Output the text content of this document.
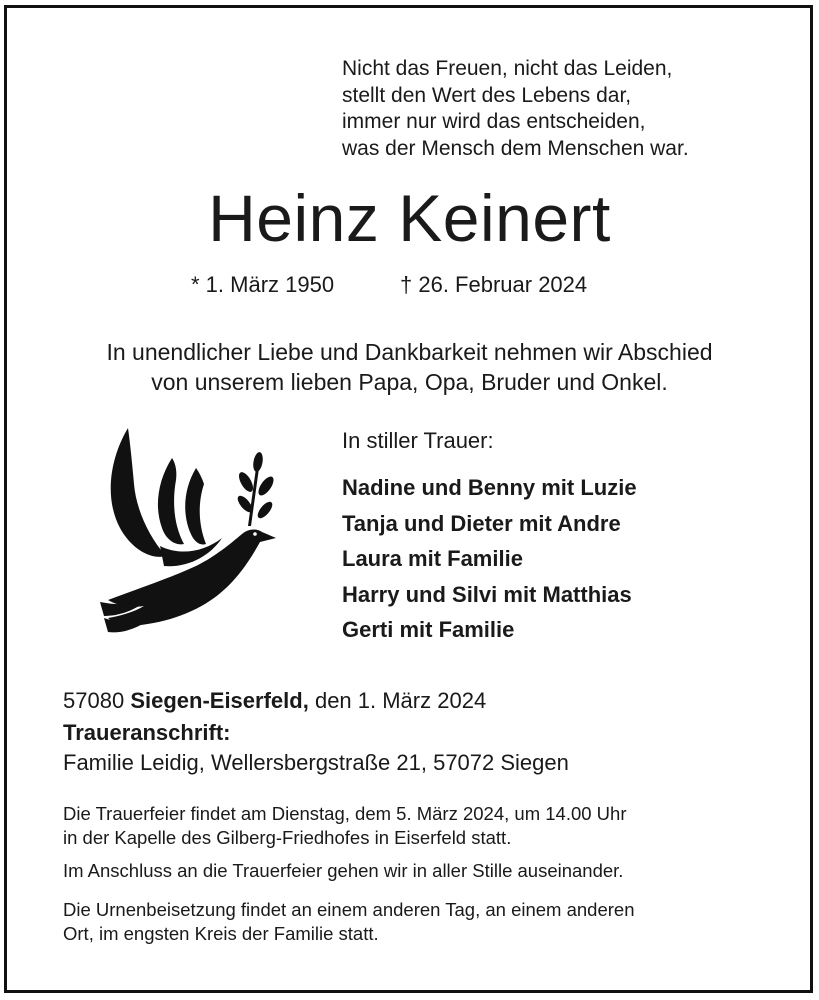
Nicht das Freuen, nicht das Leiden,
stellt den Wert des Lebens dar,
immer nur wird das entscheiden,
was der Mensch dem Menschen war.
Heinz Keinert
* 1. März 1950	† 26. Februar 2024
In unendlicher Liebe und Dankbarkeit nehmen wir Abschied
von unserem lieben Papa, Opa, Bruder und Onkel.
In stiller Trauer:
Nadine und Benny mit Luzie
Tanja und Dieter mit Andre
Laura mit Familie
Harry und Silvi mit Matthias
Gerti mit Familie
57080 Siegen-Eiserfeld, den 1. März 2024
Traueranschrift:
Familie Leidig, Wellersbergstraße 21, 57072 Siegen
Die Trauerfeier findet am Dienstag, dem 5. März 2024, um 14.00 Uhr
in der Kapelle des Gilberg-Friedhofes in Eiserfeld statt.
Im Anschluss an die Trauerfeier gehen wir in aller Stille auseinander.
Die Urnenbeisetzung findet an einem anderen Tag, an einem anderen
Ort, im engsten Kreis der Familie statt.
